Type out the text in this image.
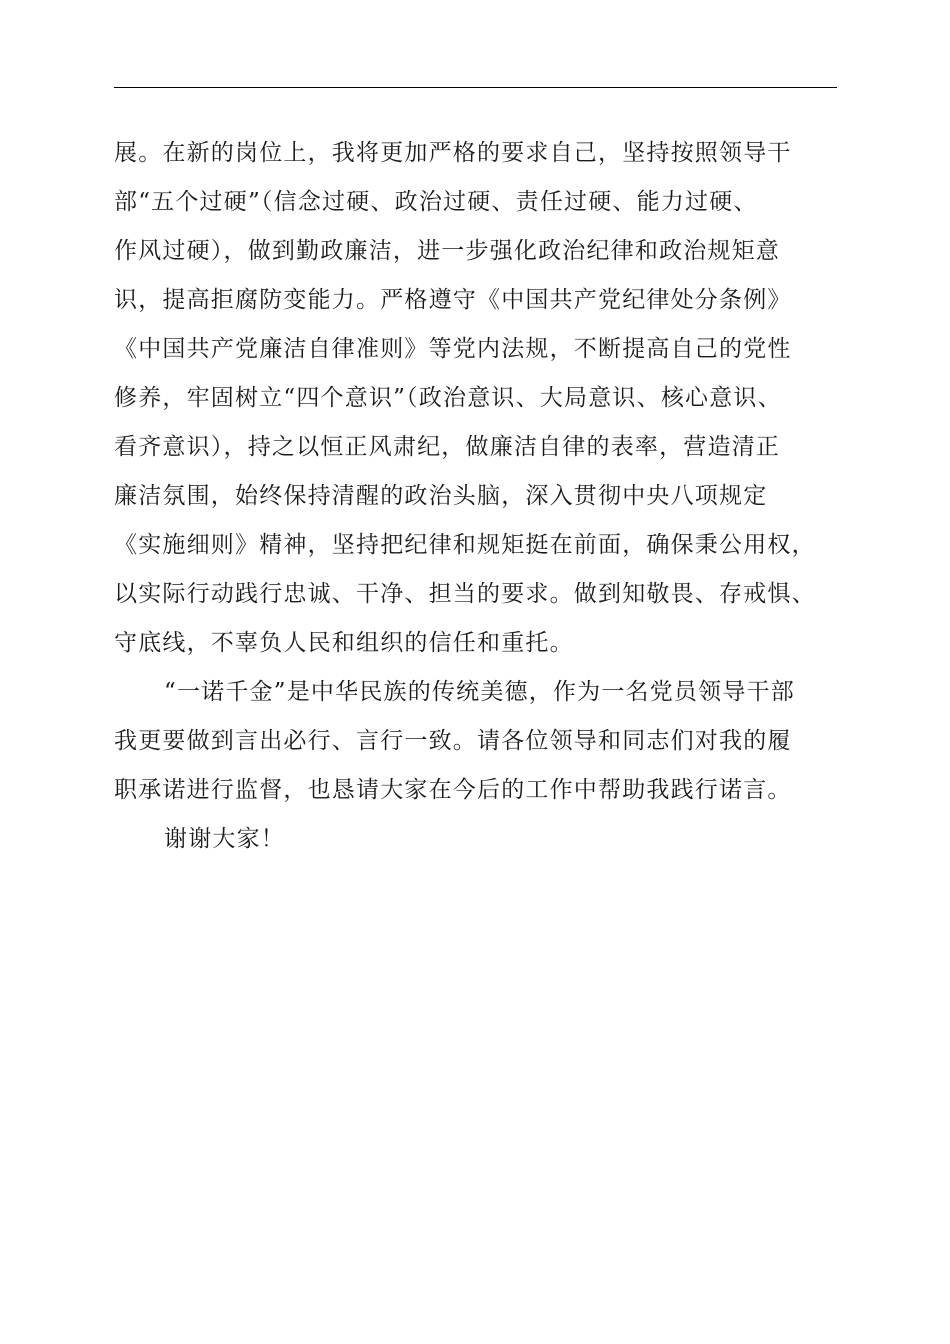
展。在新的岗位上，我将更加严格的要求自己，坚持按照领导干
部“五个过硬”（信念过硬、政治过硬、责任过硬、能力过硬、
作风过硬），做到勤政廉洁，进一步强化政治纪律和政治规矩意
识，提高拒腐防变能力。严格遵守《中国共产党纪律处分条例》
《中国共产党廉洁自律准则》等党内法规，不断提高自己的党性
修养，牢固树立“四个意识”（政治意识、大局意识、核心意识、
看齐意识），持之以恒正风肃纪，做廉洁自律的表率，营造清正
廉洁氛围，始终保持清醒的政治头脑，深入贯彻中央八项规定
《实施细则》精神，坚持把纪律和规矩挺在前面，确保秉公用权，
以实际行动践行忠诚、干净、担当的要求。做到知敬畏、存戒惧、
守底线，不辜负人民和组织的信任和重托。
“一诺千金”是中华民族的传统美德，作为一名党员领导干部
我更要做到言出必行、言行一致。请各位领导和同志们对我的履
职承诺进行监督，也恳请大家在今后的工作中帮助我践行诺言。
谢谢大家！
